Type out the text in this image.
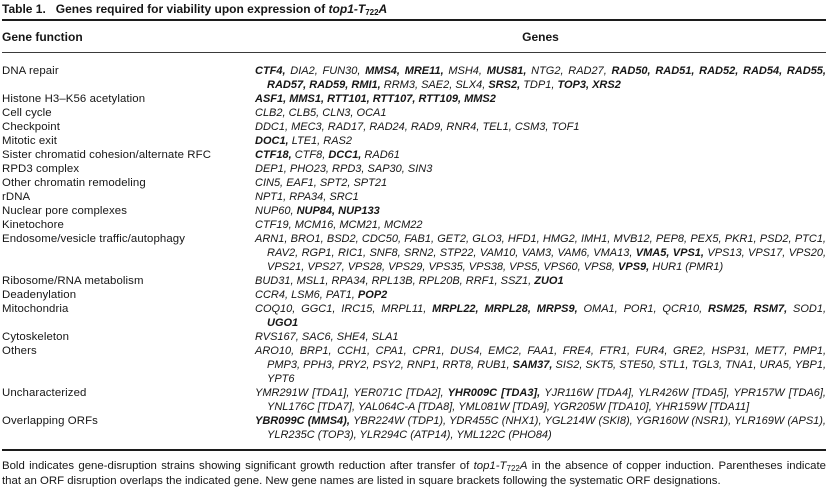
Table 1. Genes required for viability upon expression of $top1-T_{722}A$
Gene function	Genes
DNA repair	CTF4, DIA2, FUN30, MMS4, MRE11, MSH4, MUS81, NTG2, RAD27, RAD50, RAD51, RAD52, RAD54, RAD55, RAD57, RAD59, RMI1, RRM3, SAE2, SLX4, SRS2, TDP1, TOP3, XRS2
Histone H3–K56 acetylation	ASF1, MMS1, RTT101, RTT107, RTT109, MMS2
Cell cycle	CLB2, CLB5, CLN3, OCA1
Checkpoint	DDC1, MEC3, RAD17, RAD24, RAD9, RNR4, TEL1, CSM3, TOF1
Mitotic exit	DOC1, LTE1, RAS2
Sister chromatid cohesion/alternate RFC	CTF18, CTF8, DCC1, RAD61
RPD3 complex	DEP1, PHO23, RPD3, SAP30, SIN3
Other chromatin remodeling	CIN5, EAF1, SPT2, SPT21
rDNA	NPT1, RPA34, SRC1
Nuclear pore complexes	NUP60, NUP84, NUP133
Kinetochore	CTF19, MCM16, MCM21, MCM22
Endosome/vesicle traffic/autophagy	ARN1, BRO1, BSD2, CDC50, FAB1, GET2, GLO3, HFD1, HMG2, IMH1, MVB12, PEP8, PEX5, PKR1, PSD2, PTC1, RAV2, RGP1, RIC1, SNF8, SRN2, STP22, VAM10, VAM3, VAM6, VMA13, VMA5, VPS1, VPS13, VPS17, VPS20, VPS21, VPS27, VPS28, VPS29, VPS35, VPS38, VPS5, VPS60, VPS8, VPS9, HUR1 (PMR1)
Ribosome/RNA metabolism	BUD31, MSL1, RPA34, RPL13B, RPL20B, RRF1, SSZ1, ZUO1
Deadenylation	CCR4, LSM6, PAT1, POP2
Mitochondria	COQ10, GGC1, IRC15, MRPL11, MRPL22, MRPL28, MRPS9, OMA1, POR1, QCR10, RSM25, RSM7, SOD1, UGO1
Cytoskeleton	RVS167, SAC6, SHE4, SLA1
Others	ARO10, BRP1, CCH1, CPA1, CPR1, DUS4, EMC2, FAA1, FRE4, FTR1, FUR4, GRE2, HSP31, MET7, PMP1, PMP3, PPH3, PRY2, PSY2, RNP1, RRT8, RUB1, SAM37, SIS2, SKT5, STE50, STL1, TGL3, TNA1, URA5, YBP1, YPT6
Uncharacterized	YMR291W [TDA1], YER071C [TDA2], YHR009C [TDA3], YJR116W [TDA4], YLR426W [TDA5], YPR157W [TDA6], YNL176C [TDA7], YAL064C-A [TDA8], YML081W [TDA9], YGR205W [TDA10], YHR159W [TDA11]
Overlapping ORFs	YBR099C (MMS4), YBR224W (TDP1), YDR455C (NHX1), YGL214W (SKI8), YGR160W (NSR1), YLR169W (APS1), YLR235C (TOP3), YLR294C (ATP14), YML122C (PHO84)
Bold indicates gene-disruption strains showing significant growth reduction after transfer of $top1-T_{722}A$ in the absence of copper induction. Parentheses indicate that an ORF disruption overlaps the indicated gene. New gene names are listed in square brackets following the systematic ORF designations.
